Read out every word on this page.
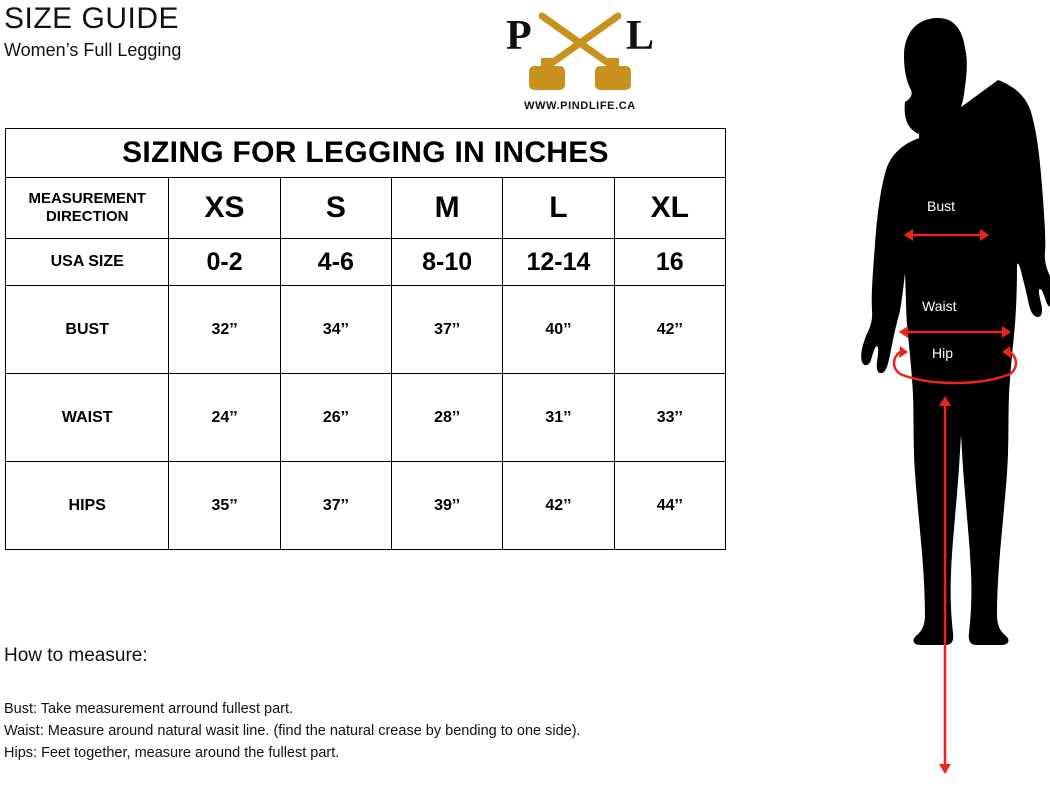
SIZE GUIDE
Women’s Full Legging	P L
WWW.PINDLIFE.CA
SIZING FOR LEGGING IN INCHES					

MEASUREMENT
DIRECTION	XS	S	M	L	XL
USA SIZE	0-2	4-6	8-10	12-14	16
BUST	32’’	34’’	37’’	40’’	42’’
WAIST	24’’	26’’	28’’	31’’	33’’
HIPS	35’’	37’’	39’’	42’’	44’’
How to measure:
Bust: Take measurement arround fullest part.
Waist: Measure around natural wasit line. (find the natural crease by bending to one side).
Hips: Feet together, measure around the fullest part.
Bust
Waist
Hip
